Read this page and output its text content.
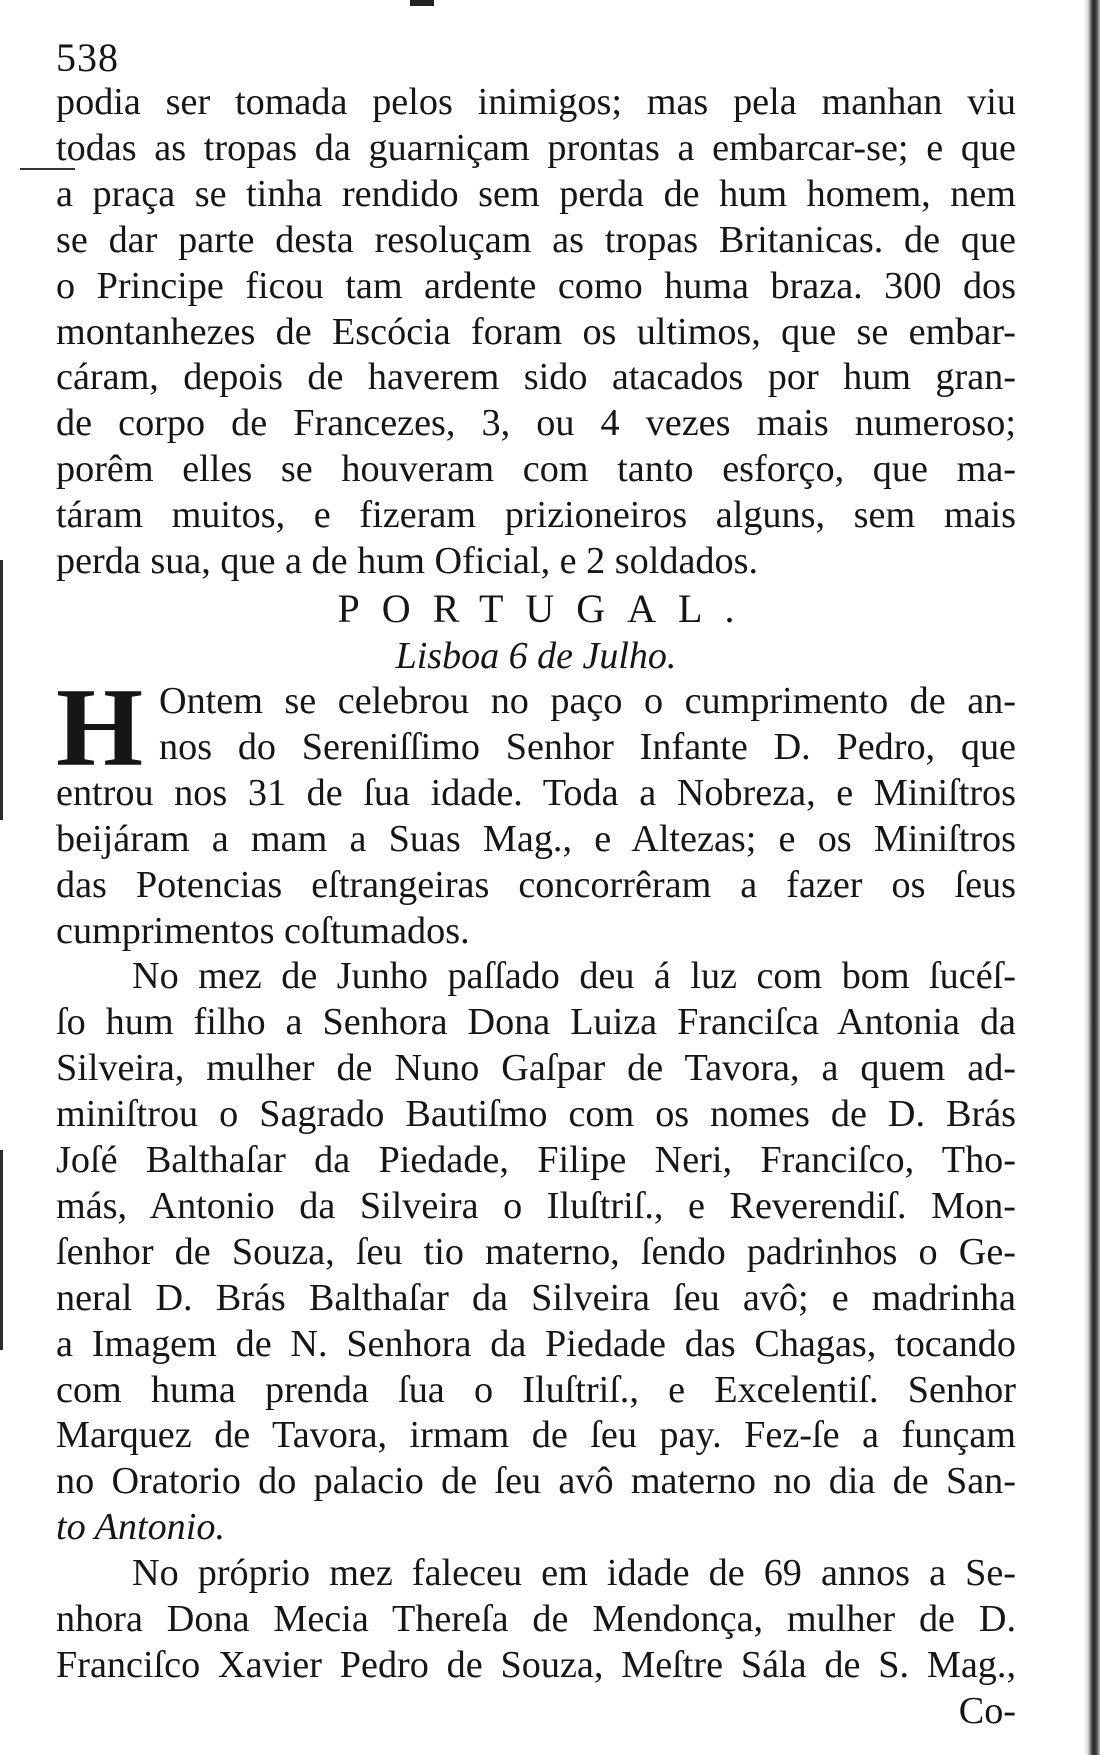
538
podia ser tomada pelos inimigos; mas pela manhan viu
todas as tropas da guarniçam prontas a embarcar-se; e que
a praça se tinha rendido sem perda de hum homem, nem
se dar parte desta resoluçam as tropas Britanicas. de que
o Principe ficou tam ardente como huma braza. 300 dos
montanhezes de Escócia foram os ultimos, que se embar-
cáram, depois de haverem sido atacados por hum gran-
de corpo de Francezes, 3, ou 4 vezes mais numeroso;
porêm elles se houveram com tanto esforço, que ma-
táram muitos, e fizeram prizioneiros alguns, sem mais
perda sua, que a de hum Oficial, e 2 soldados.
PORTUGAL.
Lisboa 6 de Julho.
H Ontem se celebrou no paço o cumprimento de an-
nos do Sereniſſimo Senhor Infante D. Pedro, que
entrou nos 31 de ſua idade. Toda a Nobreza, e Miniſtros
beijáram a mam a Suas Mag., e Altezas; e os Miniſtros
das Potencias eſtrangeiras concorrêram a fazer os ſeus
cumprimentos coſtumados.
No mez de Junho paſſado deu á luz com bom ſucéſ-
ſo hum filho a Senhora Dona Luiza Franciſca Antonia da
Silveira, mulher de Nuno Gaſpar de Tavora, a quem ad-
miniſtrou o Sagrado Bautiſmo com os nomes de D. Brás
Joſé Balthaſar da Piedade, Filipe Neri, Franciſco, Tho-
más, Antonio da Silveira o Iluſtriſ., e Reverendiſ. Mon-
ſenhor de Souza, ſeu tio materno, ſendo padrinhos o Ge-
neral D. Brás Balthaſar da Silveira ſeu avô; e madrinha
a Imagem de N. Senhora da Piedade das Chagas, tocando
com huma prenda ſua o Iluſtriſ., e Excelentiſ. Senhor
Marquez de Tavora, irmam de ſeu pay. Fez-ſe a funçam
no Oratorio do palacio de ſeu avô materno no dia de San-
to Antonio.
No próprio mez faleceu em idade de 69 annos a Se-
nhora Dona Mecia Thereſa de Mendonça, mulher de D.
Franciſco Xavier Pedro de Souza, Meſtre Sála de S. Mag.,
Co-
